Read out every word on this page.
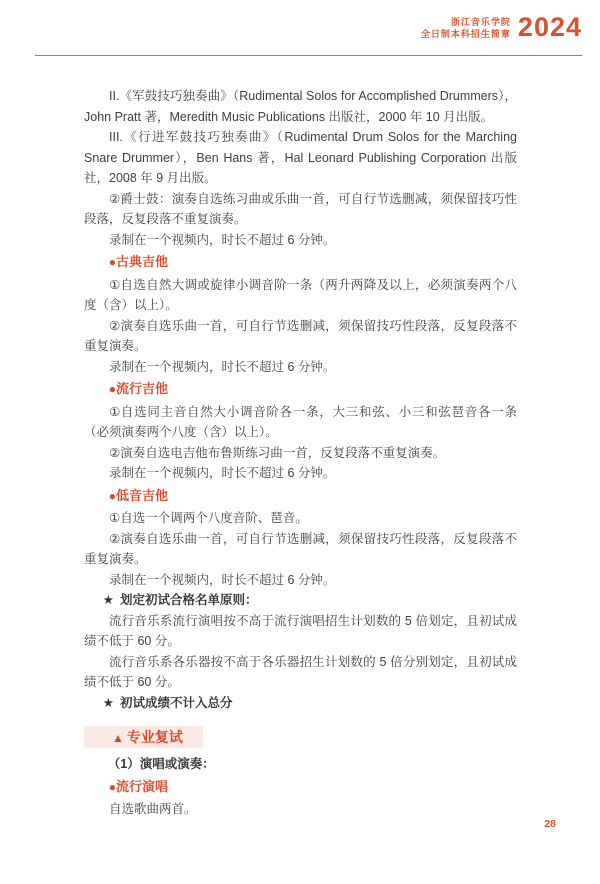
浙江音乐学院
全日制本科招生简章 2024

II.《军鼓技巧独奏曲》（Rudimental Solos for Accomplished Drummers），John Pratt 著，Meredith Music Publications 出版社，2000 年 10 月出版。

III.《行进军鼓技巧独奏曲》（Rudimental Drum Solos for the Marching Snare Drummer），Ben Hans 著，Hal Leonard Publishing Corporation 出版社，2008 年 9 月出版。

②爵士鼓：演奏自选练习曲或乐曲一首，可自行节选删减，须保留技巧性段落，反复段落不重复演奏。

录制在一个视频内，时长不超过 6 分钟。

●古典吉他

①自选自然大调或旋律小调音阶一条（两升两降及以上，必须演奏两个八度（含）以上）。

②演奏自选乐曲一首，可自行节选删减，须保留技巧性段落，反复段落不重复演奏。

录制在一个视频内，时长不超过 6 分钟。

●流行吉他

①自选同主音自然大小调音阶各一条，大三和弦、小三和弦琶音各一条（必须演奏两个八度（含）以上）。

②演奏自选电吉他布鲁斯练习曲一首，反复段落不重复演奏。

录制在一个视频内，时长不超过 6 分钟。

●低音吉他

①自选一个调两个八度音阶、琶音。

②演奏自选乐曲一首，可自行节选删减，须保留技巧性段落，反复段落不重复演奏。

录制在一个视频内，时长不超过 6 分钟。

★ 划定初试合格名单原则：

流行音乐系流行演唱按不高于流行演唱招生计划数的 5 倍划定，且初试成绩不低于 60 分。

流行音乐系各乐器按不高于各乐器招生计划数的 5 倍分别划定，且初试成绩不低于 60 分。

★ 初试成绩不计入总分

▲ 专业复试

（1）演唱或演奏：

●流行演唱

自选歌曲两首。

28
